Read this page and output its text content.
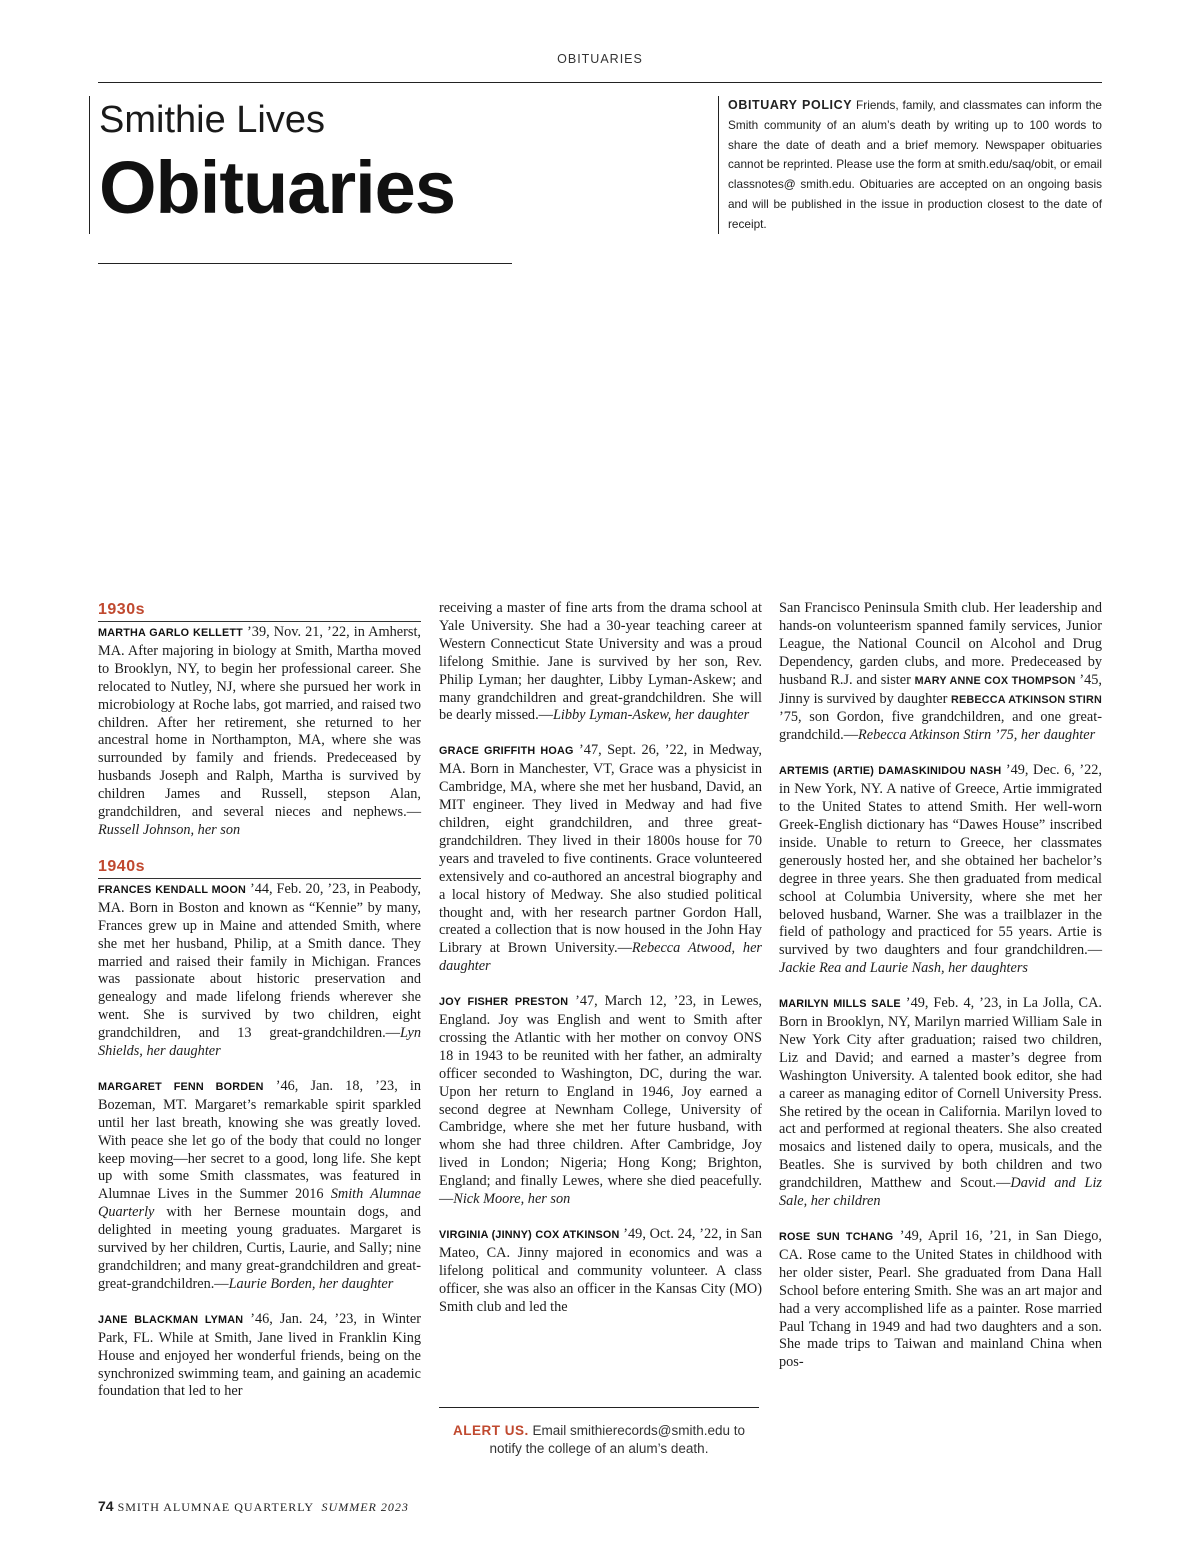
OBITUARIES
Smithie Lives
Obituaries
OBITUARY POLICY Friends, family, and classmates can inform the Smith community of an alum’s death by writing up to 100 words to share the date of death and a brief memory. Newspaper obituaries cannot be reprinted. Please use the form at smith.edu/saq/obit, or email classnotes@ smith.edu. Obituaries are accepted on an ongoing basis and will be published in the issue in production closest to the date of receipt.
1930s

MARTHA GARLO KELLETT ’39, Nov. 21, ’22, in Amherst, MA. After majoring in biology at Smith, Martha moved to Brooklyn, NY, to begin her professional career. She relocated to Nutley, NJ, where she pursued her work in microbiology at Roche labs, got married, and raised two children. After her retirement, she returned to her ancestral home in Northampton, MA, where she was surrounded by family and friends. Predeceased by husbands Joseph and Ralph, Martha is survived by children James and Russell, stepson Alan, grandchildren, and several nieces and nephews.—Russell Johnson, her son

1940s

FRANCES KENDALL MOON ’44, Feb. 20, ’23, in Peabody, MA. Born in Boston and known as “Kennie” by many, Frances grew up in Maine and attended Smith, where she met her husband, Philip, at a Smith dance. They married and raised their family in Michigan. Frances was passionate about historic preservation and genealogy and made lifelong friends wherever she went. She is survived by two children, eight grandchildren, and 13 great-grandchildren.—Lyn Shields, her daughter

MARGARET FENN BORDEN ’46, Jan. 18, ’23, in Bozeman, MT. Margaret’s remarkable spirit sparkled until her last breath, knowing she was greatly loved. With peace she let go of the body that could no longer keep moving—her secret to a good, long life. She kept up with some Smith classmates, was featured in Alumnae Lives in the Summer 2016 Smith Alumnae Quarterly with her Bernese mountain dogs, and delighted in meeting young graduates. Margaret is survived by her children, Curtis, Laurie, and Sally; nine grandchildren; and many great-grandchildren and great-great-grandchildren.—Laurie Borden, her daughter

JANE BLACKMAN LYMAN ’46, Jan. 24, ’23, in Winter Park, FL. While at Smith, Jane lived in Franklin King House and enjoyed her wonderful friends, being on the synchronized swimming team, and gaining an academic foundation that led to her

receiving a master of fine arts from the drama school at Yale University. She had a 30-year teaching career at Western Connecticut State University and was a proud lifelong Smithie. Jane is survived by her son, Rev. Philip Lyman; her daughter, Libby Lyman-Askew; and many grandchildren and great-grandchildren. She will be dearly missed.—Libby Lyman-Askew, her daughter

GRACE GRIFFITH HOAG ’47, Sept. 26, ’22, in Medway, MA. Born in Manchester, VT, Grace was a physicist in Cambridge, MA, where she met her husband, David, an MIT engineer. They lived in Medway and had five children, eight grandchildren, and three great-grandchildren. They lived in their 1800s house for 70 years and traveled to five continents. Grace volunteered extensively and co-authored an ancestral biography and a local history of Medway. She also studied political thought and, with her research partner Gordon Hall, created a collection that is now housed in the John Hay Library at Brown University.—Rebecca Atwood, her daughter

JOY FISHER PRESTON ’47, March 12, ’23, in Lewes, England. Joy was English and went to Smith after crossing the Atlantic with her mother on convoy ONS 18 in 1943 to be reunited with her father, an admiralty officer seconded to Washington, DC, during the war. Upon her return to England in 1946, Joy earned a second degree at Newnham College, University of Cambridge, where she met her future husband, with whom she had three children. After Cambridge, Joy lived in London; Nigeria; Hong Kong; Brighton, England; and finally Lewes, where she died peacefully.—Nick Moore, her son

VIRGINIA (JINNY) COX ATKINSON ’49, Oct. 24, ’22, in San Mateo, CA. Jinny majored in economics and was a lifelong political and community volunteer. A class officer, she was also an officer in the Kansas City (MO) Smith club and led the

ALERT US. Email smithierecords@smith.edu to notify the college of an alum’s death.

San Francisco Peninsula Smith club. Her leadership and hands-on volunteerism spanned family services, Junior League, the National Council on Alcohol and Drug Dependency, garden clubs, and more. Predeceased by husband R.J. and sister MARY ANNE COX THOMPSON ’45, Jinny is survived by daughter REBECCA ATKINSON STIRN ’75, son Gordon, five grandchildren, and one great-grandchild.—Rebecca Atkinson Stirn ’75, her daughter

ARTEMIS (ARTIE) DAMASKINIDOU NASH ’49, Dec. 6, ’22, in New York, NY. A native of Greece, Artie immigrated to the United States to attend Smith. Her well-worn Greek-English dictionary has “Dawes House” inscribed inside. Unable to return to Greece, her classmates generously hosted her, and she obtained her bachelor’s degree in three years. She then graduated from medical school at Columbia University, where she met her beloved husband, Warner. She was a trailblazer in the field of pathology and practiced for 55 years. Artie is survived by two daughters and four grandchildren.—Jackie Rea and Laurie Nash, her daughters

MARILYN MILLS SALE ’49, Feb. 4, ’23, in La Jolla, CA. Born in Brooklyn, NY, Marilyn married William Sale in New York City after graduation; raised two children, Liz and David; and earned a master’s degree from Washington University. A talented book editor, she had a career as managing editor of Cornell University Press. She retired by the ocean in California. Marilyn loved to act and performed at regional theaters. She also created mosaics and listened daily to opera, musicals, and the Beatles. She is survived by both children and two grandchildren, Matthew and Scout.—David and Liz Sale, her children

ROSE SUN TCHANG ’49, April 16, ’21, in San Diego, CA. Rose came to the United States in childhood with her older sister, Pearl. She graduated from Dana Hall School before entering Smith. She was an art major and had a very accomplished life as a painter. Rose married Paul Tchang in 1949 and had two daughters and a son. She made trips to Taiwan and mainland China when pos-

74 SMITH ALUMNAE QUARTERLY SUMMER 2023
